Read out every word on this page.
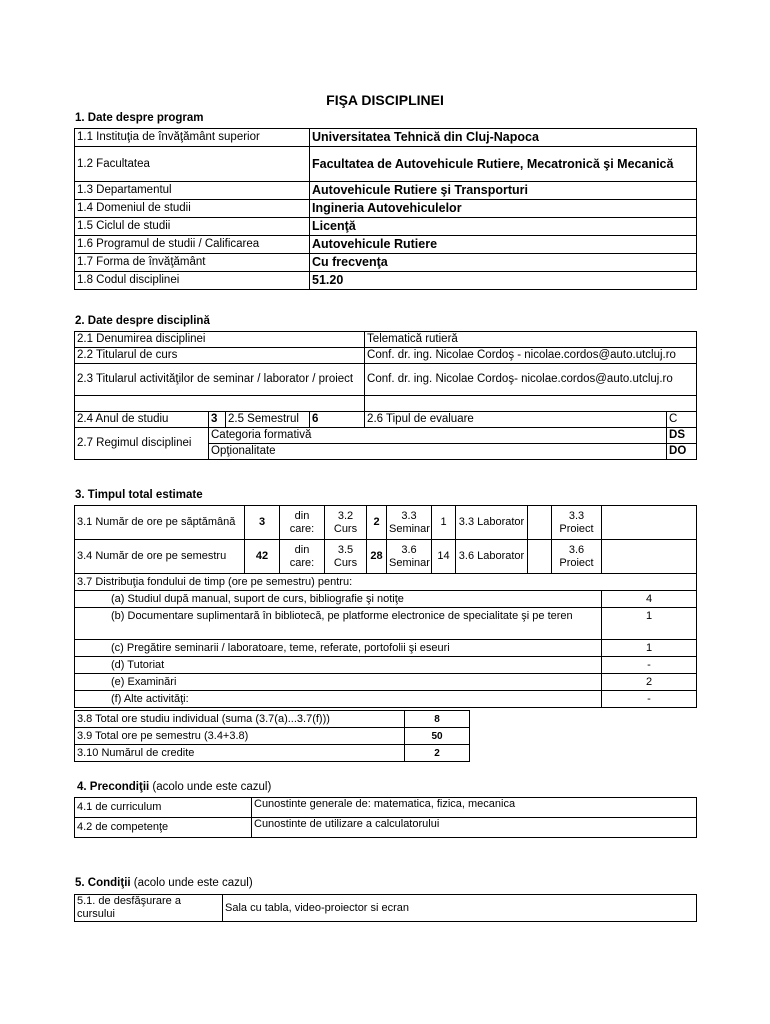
FIŞA DISCIPLINEI
1. Date despre program
1.1 Instituţia de învăţământ superior	Universitatea Tehnică din Cluj-Napoca
1.2 Facultatea	Facultatea de Autovehicule Rutiere, Mecatronică şi Mecanică
1.3 Departamentul	Autovehicule Rutiere şi Transporturi
1.4 Domeniul de studii	Ingineria Autovehiculelor
1.5 Ciclul de studii	Licenţă
1.6 Programul de studii / Calificarea	Autovehicule Rutiere
1.7 Forma de învăţământ	Cu frecvenţa
1.8 Codul disciplinei	51.20
2. Date despre disciplină
2.1 Denumirea disciplinei				Telematică rutieră	
2.2 Titularul de curs				Conf. dr. ing. Nicolae Cordoş - nicolae.cordos@auto.utcluj.ro	
2.3 Titularul activităţilor de seminar / laborator / proiect				Conf. dr. ing. Nicolae Cordoş- nicolae.cordos@auto.utcluj.ro	

2.4 Anul de studiu	3	2.5 Semestrul	6	2.6 Tipul de evaluare	C
2.7 Regimul disciplinei	Categoria formativă				DS
	Opţionalitate				DO
3. Timpul total estimate
3.1 Număr de ore pe săptămână	3	din care:	3.2 Curs	2	3.3 Seminar	1	3.3 Laborator		3.3 Proiect	
3.4 Număr de ore pe semestru	42	din care:	3.5 Curs	28	3.6 Seminar	14	3.6 Laborator		3.6 Proiect	
3.7 Distribuţia fondului de timp (ore pe semestru) pentru:										
(a) Studiul după manual, suport de curs, bibliografie şi notiţe										4
(b) Documentare suplimentară în bibliotecă, pe platforme electronice de specialitate şi pe teren										1
(c) Pregătire seminarii / laboratoare, teme, referate, portofolii şi eseuri										1
(d) Tutoriat										-
(e) Examinări										2
(f) Alte activităţi:										-
3.8 Total ore studiu individual (suma (3.7(a)...3.7(f)))	8
3.9 Total ore pe semestru (3.4+3.8)	50
3.10 Numărul de credite	2
4. Precondiţii (acolo unde este cazul)
4.1 de curriculum	Cunostinte generale de: matematica, fizica, mecanica
4.2 de competenţe	Cunostinte de utilizare a calculatorului
5. Condiţii (acolo unde este cazul)
5.1. de desfăşurare a cursului	Sala cu tabla, video-proiector si ecran
